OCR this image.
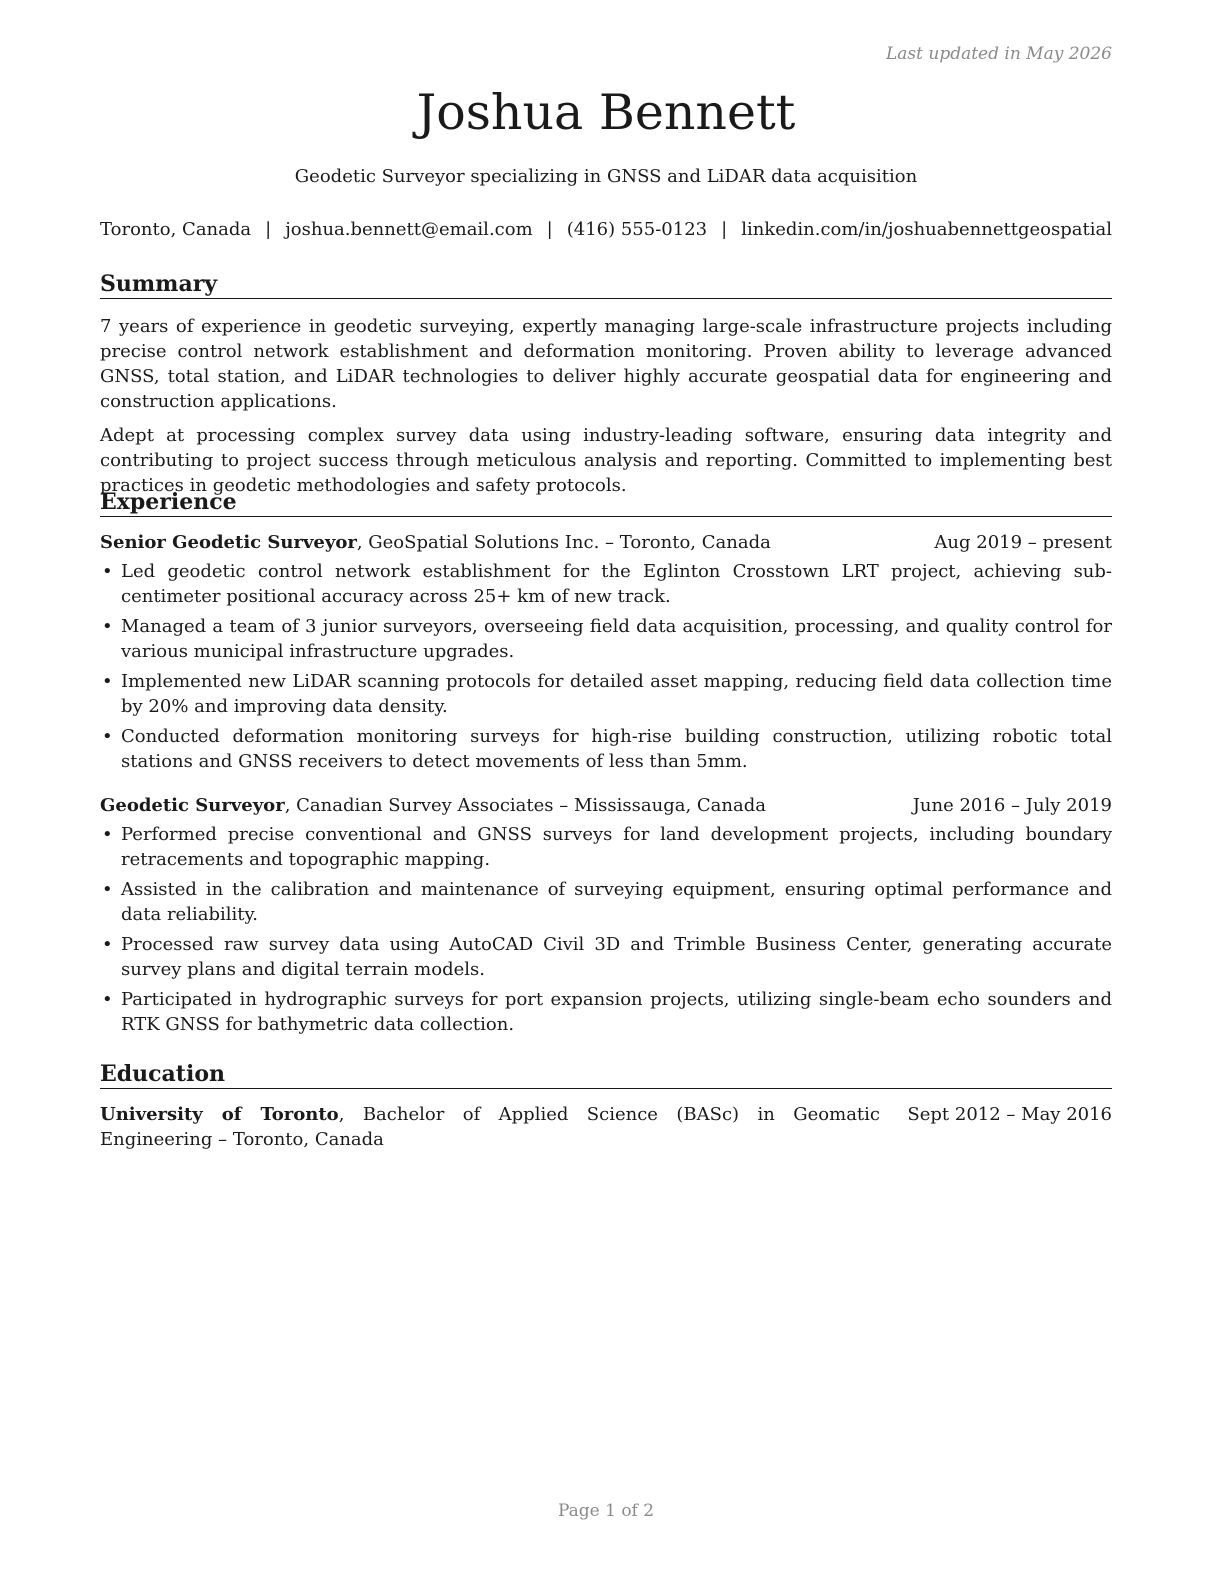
Last updated in May 2026
Joshua Bennett
Geodetic Surveyor specializing in GNSS and LiDAR data acquisition
Toronto, Canada | joshua.bennett@email.com | (416) 555-0123 | linkedin.com/in/joshuabennettgeospatial
Summary

7 years of experience in geodetic surveying, expertly managing large-scale infrastructure projects including precise control network establishment and deformation monitoring. Proven ability to leverage advanced GNSS, total station, and LiDAR technologies to deliver highly accurate geospatial data for engineering and construction applications.

Adept at processing complex survey data using industry-leading software, ensuring data integrity and contributing to project success through meticulous analysis and reporting. Committed to implementing best practices in geodetic methodologies and safety protocols.

Experience
Senior Geodetic Surveyor, GeoSpatial Solutions Inc. – Toronto, Canada	Aug 2019 – present
• Led geodetic control network establishment for the Eglinton Crosstown LRT project, achieving sub-centimeter positional accuracy across 25+ km of new track.
• Managed a team of 3 junior surveyors, overseeing field data acquisition, processing, and quality control for various municipal infrastructure upgrades.
• Implemented new LiDAR scanning protocols for detailed asset mapping, reducing field data collection time by 20% and improving data density.
• Conducted deformation monitoring surveys for high-rise building construction, utilizing robotic total stations and GNSS receivers to detect movements of less than 5mm.
Geodetic Surveyor, Canadian Survey Associates – Mississauga, Canada	June 2016 – July 2019
• Performed precise conventional and GNSS surveys for land development projects, including boundary retracements and topographic mapping.
• Assisted in the calibration and maintenance of surveying equipment, ensuring optimal performance and data reliability.
• Processed raw survey data using AutoCAD Civil 3D and Trimble Business Center, generating accurate survey plans and digital terrain models.
• Participated in hydrographic surveys for port expansion projects, utilizing single-beam echo sounders and RTK GNSS for bathymetric data collection.
Education
University of Toronto, Bachelor of Applied Science (BASc) in Geomatic Engineering – Toronto, Canada
Sept 2012 – May 2016
Page 1 of 2
